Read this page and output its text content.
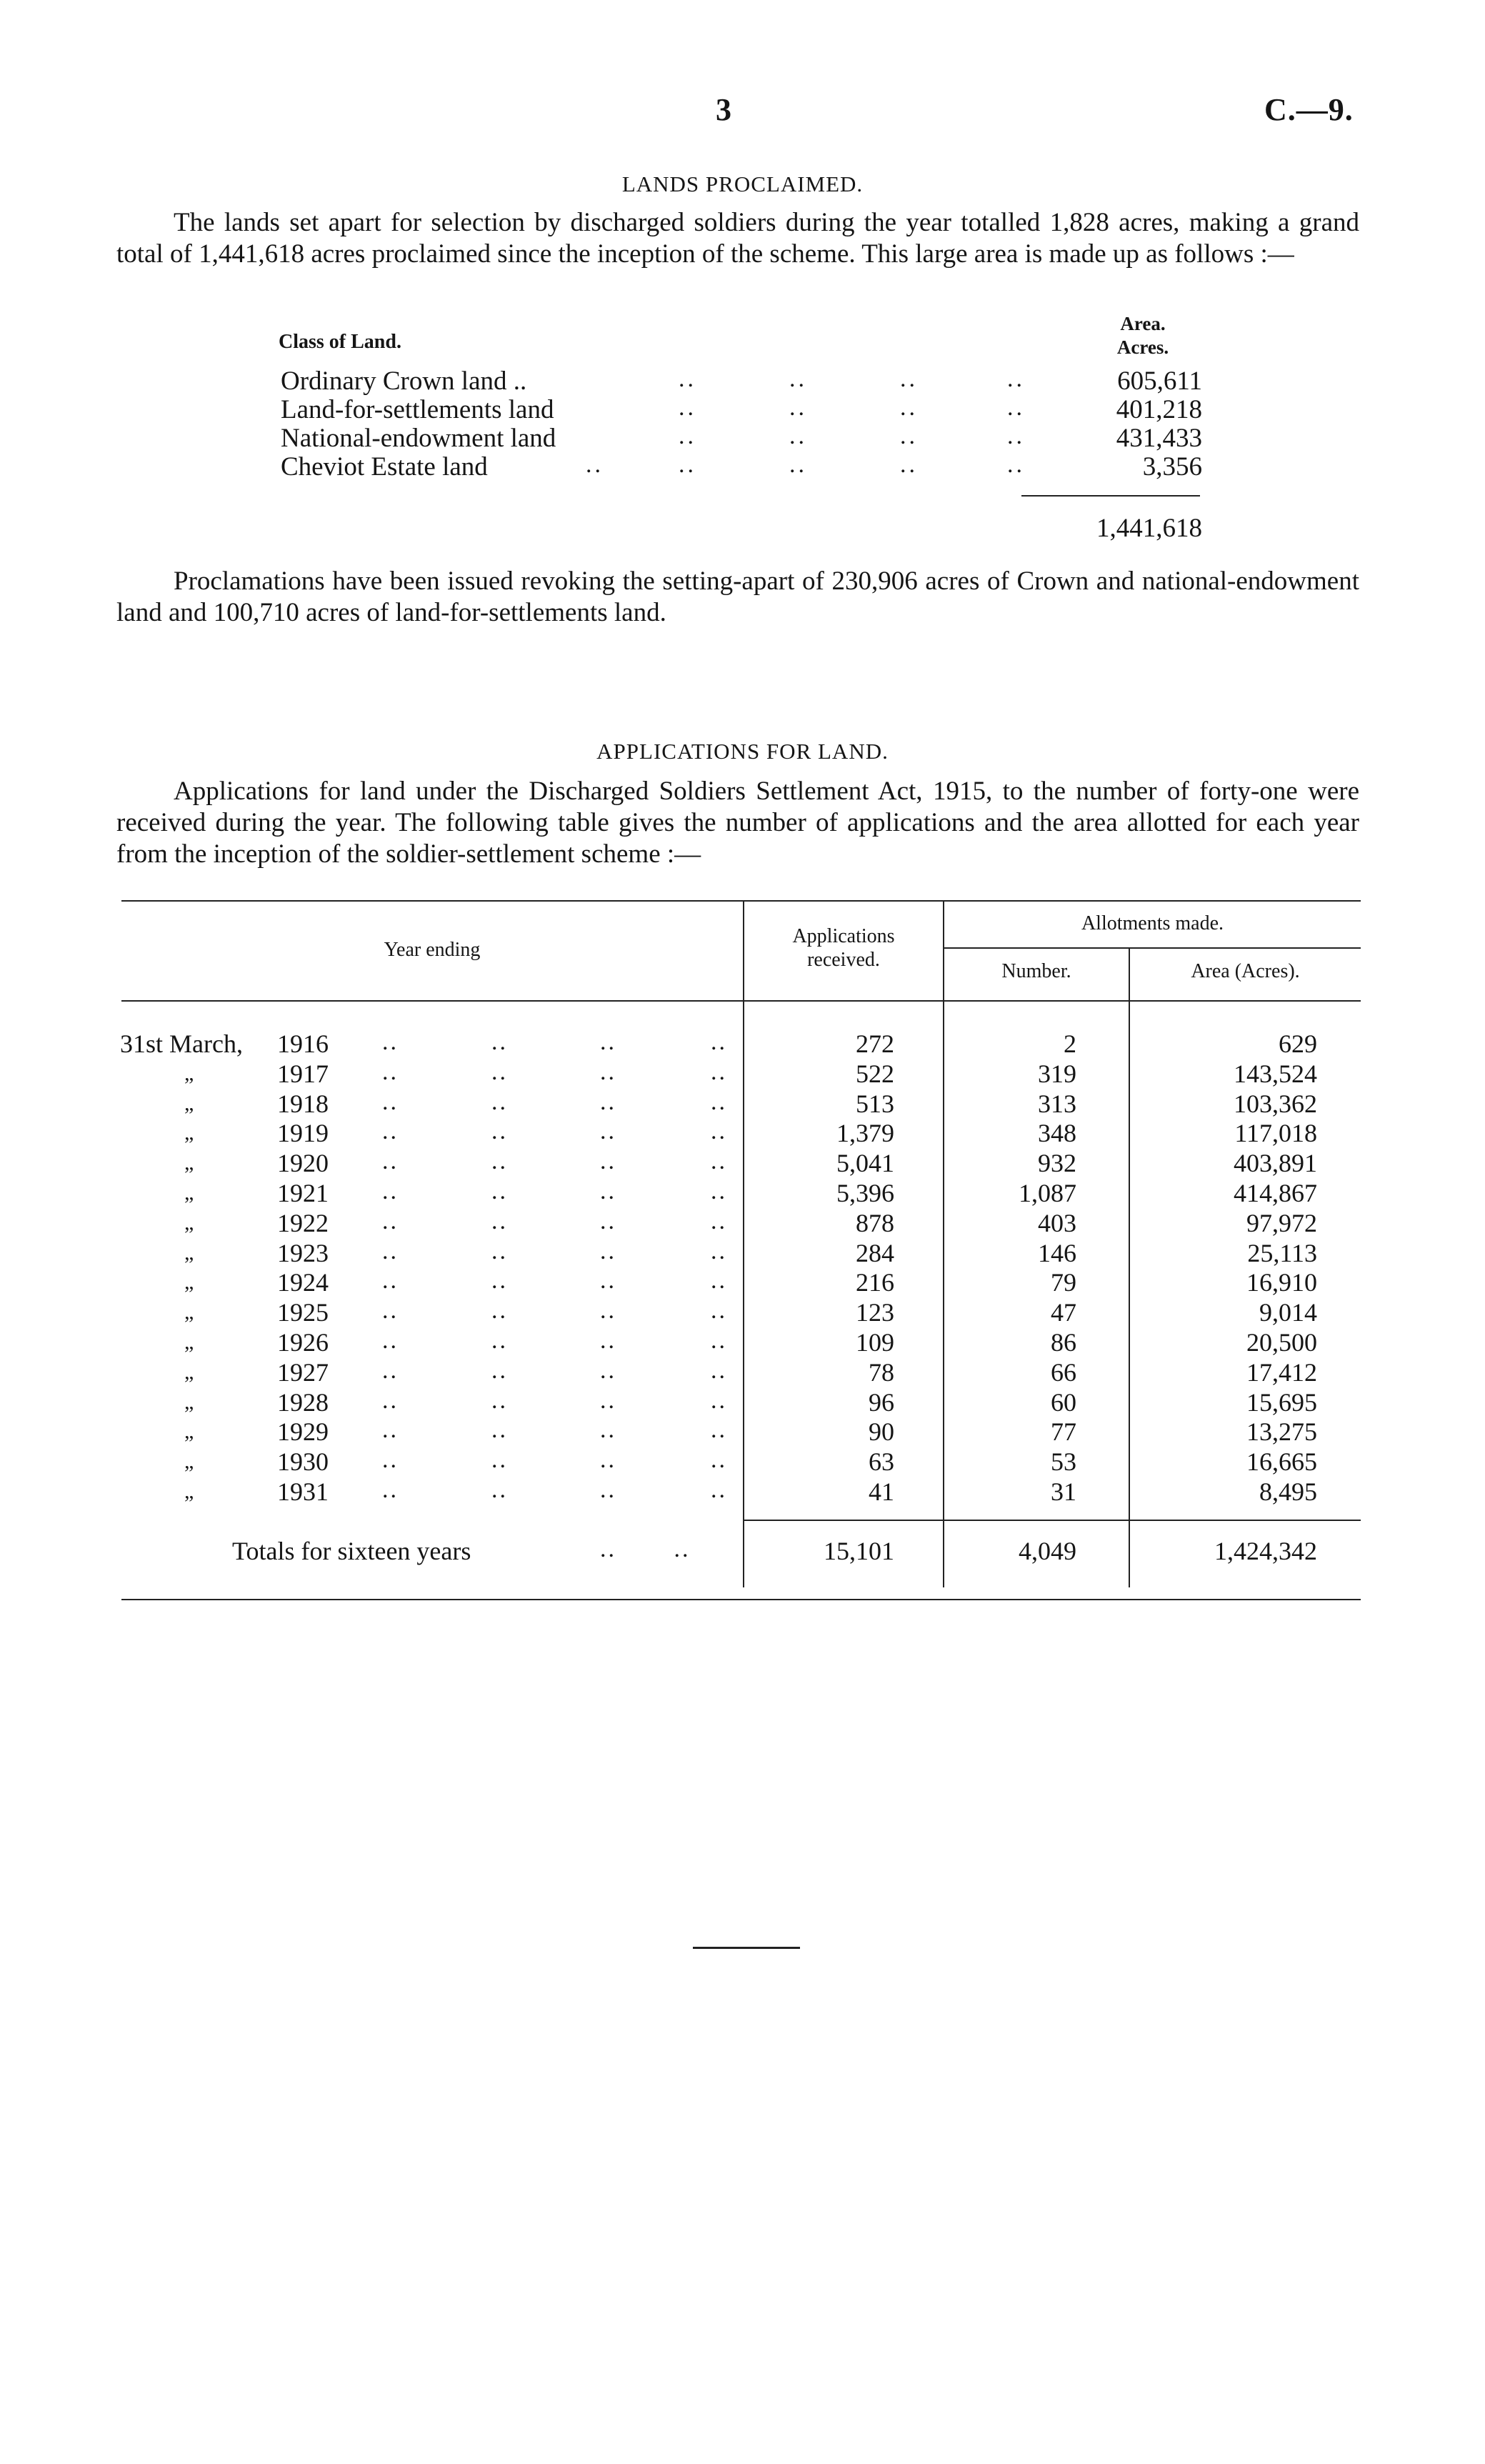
3	C.—9.
LANDS PROCLAIMED.
The lands set apart for selection by discharged soldiers during the year totalled 1,828 acres, making a grand total of 1,441,618 acres proclaimed since the inception of the scheme. This large area is made up as follows :—
Class of Land.
Area.
Acres.
Ordinary Crown land ..	..	..	..	..	605,611
Land-for-settlements land	..	..	..	..	401,218
National-endowment land	..	..	..	..	431,433
Cheviot Estate land	..	..	..	..	..	3,356
1,441,618
Proclamations have been issued revoking the setting-apart of 230,906 acres of Crown and national-endowment land and 100,710 acres of land-for-settlements land.
APPLICATIONS FOR LAND.
Applications for land under the Discharged Soldiers Settlement Act, 1915, to the number of forty-one were received during the year. The following table gives the number of applications and the area allotted for each year from the inception of the soldier-settlement scheme :—
Year ending
Applications
received.
Allotments made.
Number.	Area (Acres).
31st March, 1916 ..	..	..	..	272	2	629
„	1917 ..	..	..	..	522	319	143,524
„	1918 ..	..	..	..	513	313	103,362
„	1919 ..	..	..	..	1,379	348	117,018
„	1920 ..	..	..	..	5,041	932	403,891
„	1921 ..	..	..	..	5,396	1,087	414,867
„	1922 ..	..	..	..	878	403	97,972
„	1923 ..	..	..	..	284	146	25,113
„	1924 ..	..	..	..	216	79	16,910
„	1925 ..	..	..	..	123	47	9,014
„	1926 ..	..	..	..	109	86	20,500
„	1927 ..	..	..	..	78	66	17,412
„	1928 ..	..	..	..	96	60	15,695
„	1929 ..	..	..	..	90	77	13,275
„	1930 ..	..	..	..	63	53	16,665
„	1931 ..	..	..	..	41	31	8,495
Totals for sixteen years	..       ..	15,101	4,049	1,424,342
